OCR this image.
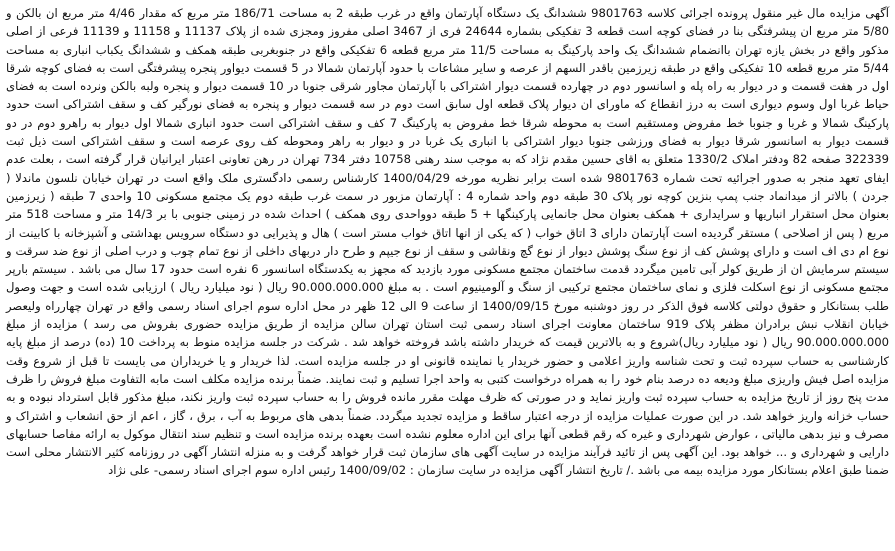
آگهی مزایده مال غیر منقول پرونده اجرائی کلاسه 9801763 ششدانگ یک دستگاه آپارتمان واقع در غرب طبقه 2 به مساحت 186/71 متر مربع که مقدار 4/46 متر مربع ان بالکن و 5/80 متر مربع ان پیشرفتگی بنا در فضای کوچه است قطعه 3 تفکیکی بشماره 24644 فری از 3467 اصلی مفروز ومجزی شده از پلاک 11137 و 11158 و 11139 فرعی از اصلی مذکور واقع در بخش یازه تهران باانضمام ششدانگ یک واحد پارکینگ به مساحت 11/5 متر مربع قطعه 6 تفکیکی واقع در جنوبغربی طبقه همکف و ششدانگ یکباب انباری به مساحت 5/44 متر مربع قطعه 10 تفکیکی واقع در طبقه زیرزمین باقدر السهم از عرصه و سایر مشاعات با حدود آپارتمان شمالا در 5 قسمت دیواور پنجره پیشرفتگی است به فضای کوچه شرقا اول در هفت قسمت و در دیوار به راه پله و اسانسور دوم در چهارده قسمت دیوار اشتراکی با آپارتمان مجاور شرقی جنوبا در 10 قسمت دیوار و پنجره ولبه بالکن ونرده است به فضای حیاط غربا اول وسوم دیواری است به درز انقطاع که ماورای ان دیوار پلاک قطعه اول سابق است دوم در سه قسمت دیوار و پنجره به فضای نورگیر کف و سقف اشتراکی است حدود پارکینگ شمالا و غربا و جنوبا خط مفروض ومستقیم است به محوطه شرقا خط مفروض به پارکینگ 7 کف و سقف اشتراکی است حدود انباری شمالا اول دیوار به راهرو دوم در دو قسمت دیوار به اسانسور شرقا دیوار به فضای ورزشی جنوبا دیوار اشتراکی با انباری یک غربا در و دیوار به راهر ومحوطه کف روی عرصه است و سقف اشتراکی است ذیل ثبت 322339 صفحه 82 ودفتر املاک 1330/2 متعلق به اقای حسین مقدم نژاد که به موجب سند رهنی 10758 دفتر 734 تهران در رهن تعاونی اعتبار ایرانیان قرار گرفته است ، بعلت عدم ایفای تعهد منجر به صدور اجرائیه تحت شماره 9801763 شده است برابر نظریه مورخه 1400/04/29 کارشناس رسمی دادگستری ملک واقع است در تهران خیابان نلسون ماندلا ( جردن ) بالاتر از میدانماد جنب پمپ بنزین کوچه نور پلاک 30 طبقه دوم واحد شماره 4 : آپارتمان مزبور در سمت غرب طبقه دوم یک مجتمع مسکونی 10 واحدی 7 طبقه ( زیرزمین بعنوان محل استقرار انباریها و سرایداری + همکف بعنوان محل جانمایی پارکینگها + 5 طبقه دوواحدی روی همکف ) احداث شده در زمینی جنوبی با بر 14/3 متر و مساحت 518 متر مربع ( پس از اصلاحی ) مستقر گردیده است آپارتمان دارای 3 اتاق خواب ( که یکی از انها اتاق خواب مستر است ) هال و پذیرایی دو دستگاه سرویس بهداشتی و آشپزخانه با کابینت از نوع ام دی اف است و دارای پوشش کف از نوع سنگ پوشش دیوار از نوع گچ ونقاشی و سقف از نوع جیپم و طرح دار دربهای داخلی از نوع تمام چوب و درب اصلی از نوع ضد سرقت و سیستم سرمایش ان از طریق کولر آبی تامین میگردد قدمت ساختمان مجتمع مسکونی مورد بازدید که مجهز به یکدستگاه اسانسور 6 نفره است حدود 17 سال می باشد . سیستم بارپر مجتمع مسکونی از نوع اسکلت فلزی و نمای ساختمان مجتمع ترکیبی از سنگ و آلومینیوم است . به مبلغ 90.000.000.000 ریال ( نود میلیارد ریال ) ارزیابی شده است و جهت وصول طلب بستانکار و حقوق دولتی کلاسه فوق الذکر در روز دوشنبه مورخ 1400/09/15 از ساعت 9 الی 12 ظهر در محل اداره سوم اجرای اسناد رسمی واقع در تهران چهارراه ولیعصر خیابان انقلاب نبش برادران مظفر پلاک 919 ساختمان معاونت اجرای اسناد رسمی ثبت استان تهران سالن مزایده از طریق مزایده حضوری بفروش می رسد ) مزایده از مبلغ 90.000.000.000 ریال ( نود میلیارد ریال)شروع و به بالاترین قیمت که خریدار داشته باشد فروخته خواهد شد . شرکت در جلسه مزایده منوط به پرداخت 10 (ده) درصد از مبلغ پایه کارشناسی به حساب سپرده ثبت و تحت شناسه واریز اعلامی و حضور خریدار یا نماینده قانونی او در جلسه مزایده است. لذا خریدار و یا خریداران می بایست تا قبل از شروع وقت مزایده اصل فیش واریزی مبلغ ودیعه ده درصد بنام خود را به همراه درخواست کتبی به واحد اجرا تسلیم و ثبت نمایند. ضمناً برنده مزایده مکلف است مابه التفاوت مبلغ فروش را ظرف مدت پنج روز از تاریخ مزایده به حساب سپرده ثبت واریز نماید و در صورتی که ظرف مهلت مقرر مانده فروش را به حساب سپرده ثبت واریز نکند، مبلغ مذکور قابل استرداد نبوده و به حساب خزانه واریز خواهد شد. در این صورت عملیات مزایده از درجه اعتبار ساقط و مزایده تجدید میگردد. ضمناً بدهی های مربوط به آب ، برق ، گاز ، اعم از حق انشعاب و اشتراک و مصرف و نیز بدهی مالیاتی ، عوارض شهرداری و غیره که رقم قطعی آنها برای این اداره معلوم نشده است بعهده برنده مزایده است و تنظیم سند انتقال موکول به ارائه مفاصا حسابهای دارایی و شهرداری و ... خواهد بود. این آگهی پس از تائید فرآیند مزایده در سایت آگهی های سازمان ثبت قرار خواهد گرفت و به منزله انتشار آگهی در روزنامه کثیر الانتشار محلی است ضمنا طبق اعلام بستانکار مورد مزایده بیمه می باشد ./ تاریخ انتشار آگهی مزایده در سایت سازمان : 1400/09/02 رئیس اداره سوم اجرای اسناد رسمی- علی نژاد
